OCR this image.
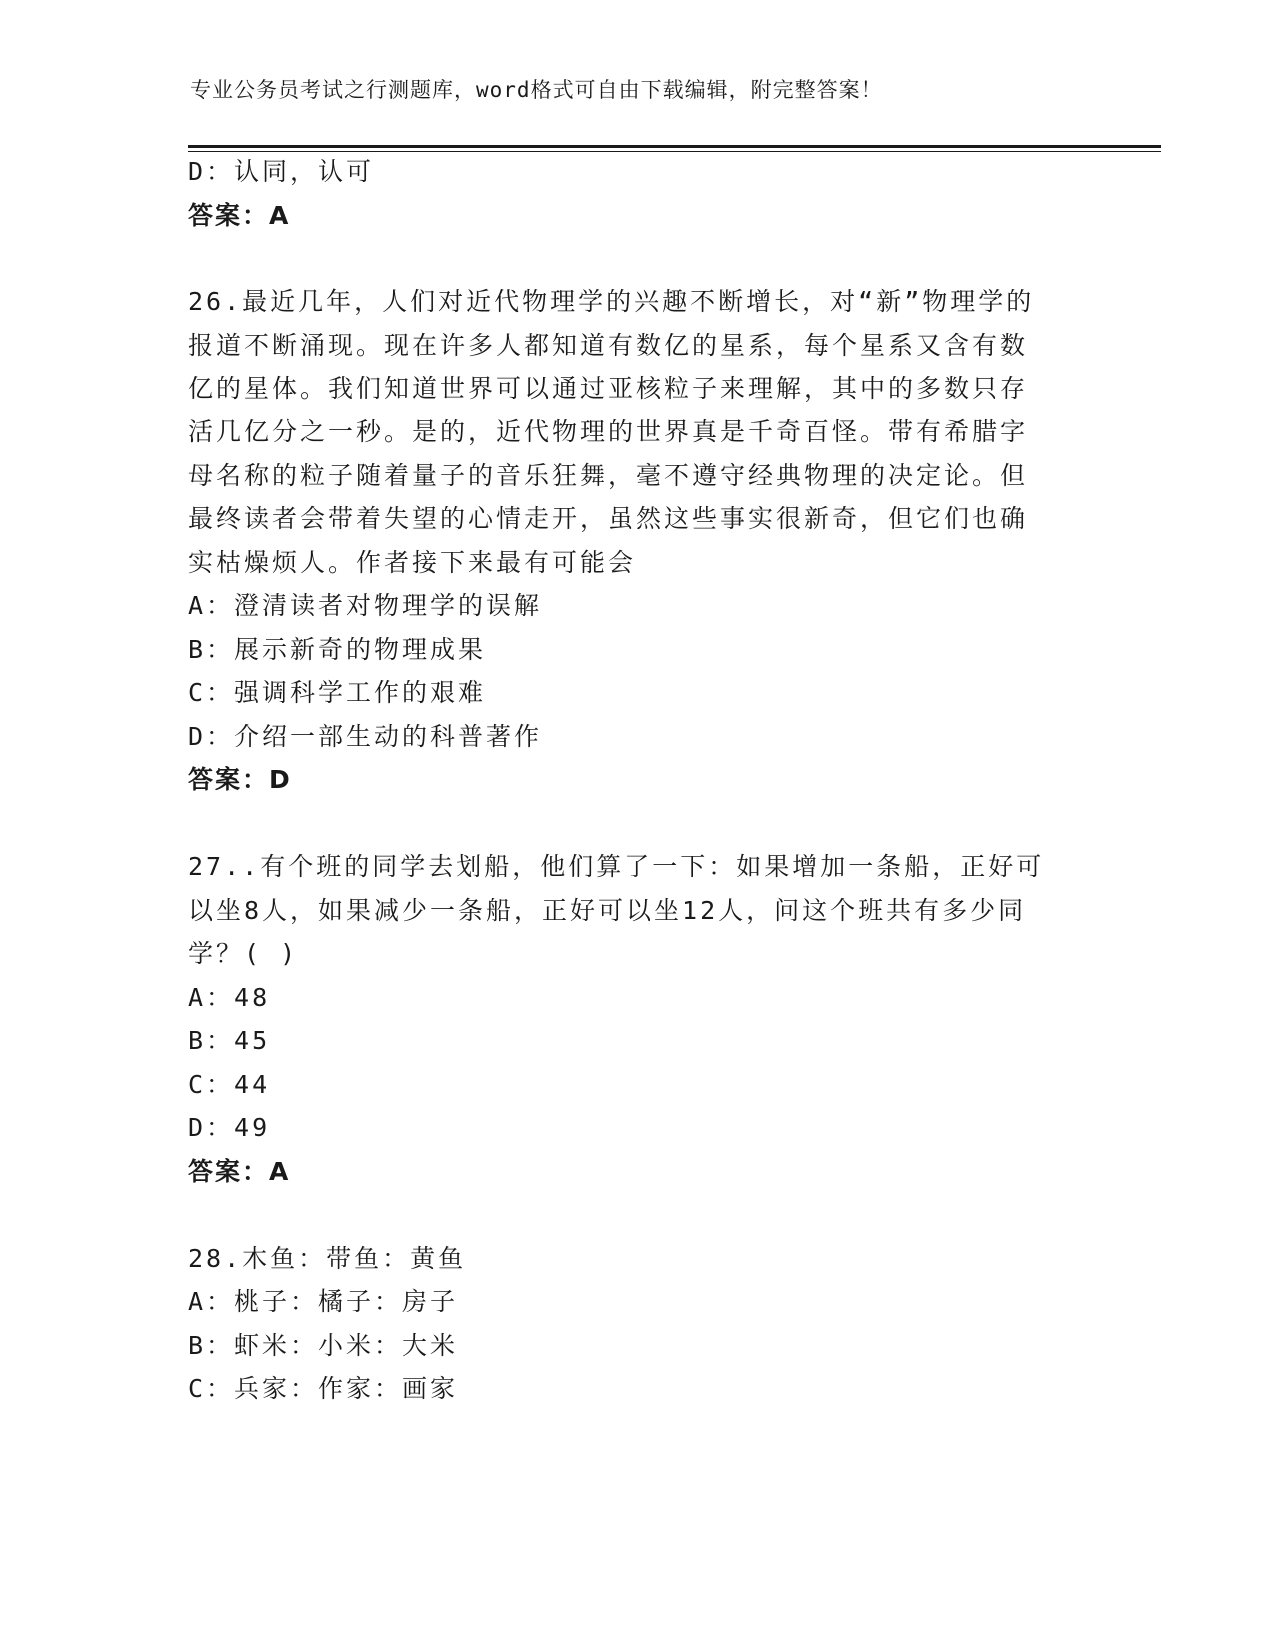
专业公务员考试之行测题库，word格式可自由下载编辑，附完整答案！
D：认同，认可
答案：A
26.最近几年，人们对近代物理学的兴趣不断增长，对“新”物理学的
报道不断涌现。现在许多人都知道有数亿的星系，每个星系又含有数
亿的星体。我们知道世界可以通过亚核粒子来理解，其中的多数只存
活几亿分之一秒。是的，近代物理的世界真是千奇百怪。带有希腊字
母名称的粒子随着量子的音乐狂舞，毫不遵守经典物理的决定论。但
最终读者会带着失望的心情走开，虽然这些事实很新奇，但它们也确
实枯燥烦人。作者接下来最有可能会
A：澄清读者对物理学的误解
B：展示新奇的物理成果
C：强调科学工作的艰难
D：介绍一部生动的科普著作
答案：D
27..有个班的同学去划船，他们算了一下：如果增加一条船，正好可
以坐8人，如果减少一条船，正好可以坐12人，问这个班共有多少同
学？( )
A：48
B：45
C：44
D：49
答案：A
28.木鱼：带鱼：黄鱼
A：桃子：橘子：房子
B：虾米：小米：大米
C：兵家：作家：画家
